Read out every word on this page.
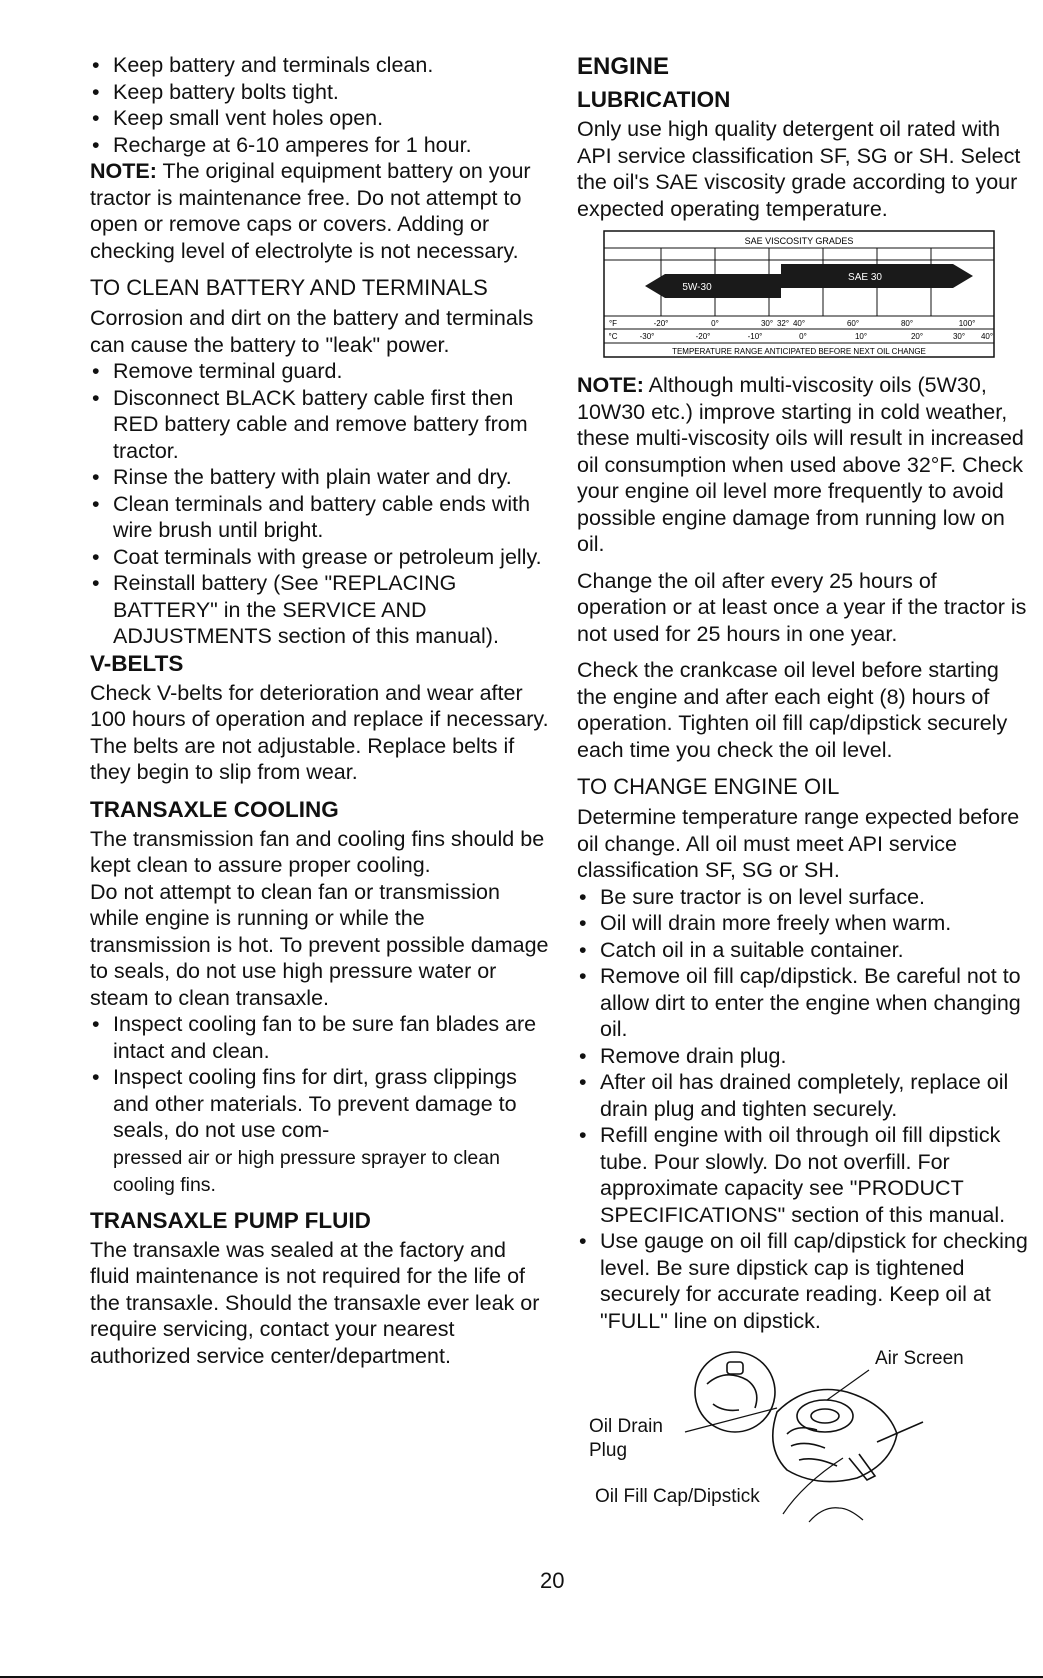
• Keep battery and terminals clean.
• Keep battery bolts tight.
• Keep small vent holes open.
• Recharge at 6-10 amperes for 1 hour.

NOTE: The original equipment battery on your tractor is maintenance free. Do not attempt to open or remove caps or covers. Adding or checking level of electrolyte is not necessary.

TO CLEAN BATTERY AND TERMINALS

Corrosion and dirt on the battery and terminals can cause the battery to "leak" power.

• Remove terminal guard.
• Disconnect BLACK battery cable first then RED battery cable and remove battery from tractor.
• Rinse the battery with plain water and dry.
• Clean terminals and battery cable ends with wire brush until bright.
• Coat terminals with grease or petroleum jelly.
• Reinstall battery (See "REPLACING BATTERY" in the SERVICE AND ADJUSTMENTS section of this manual).
V-BELTS

Check V-belts for deterioration and wear after 100 hours of operation and replace if necessary. The belts are not adjustable. Replace belts if they begin to slip from wear.

TRANSAXLE COOLING

The transmission fan and cooling fins should be kept clean to assure proper cooling.

Do not attempt to clean fan or transmission while engine is running or while the transmission is hot. To prevent possible damage to seals, do not use high pressure water or steam to clean transaxle.

• Inspect cooling fan to be sure fan blades are intact and clean.
• Inspect cooling fins for dirt, grass clippings and other materials. To prevent damage to seals, do not use com-
pressed air or high pressure sprayer to clean cooling fins.
TRANSAXLE PUMP FLUID

The transaxle was sealed at the factory and fluid maintenance is not required for the life of the transaxle. Should the transaxle ever leak or require servicing, contact your nearest authorized service center/department.

ENGINE
LUBRICATION

Only use high quality detergent oil rated with API service classification SF, SG or SH. Select the oil's SAE viscosity grade according to your expected operating temperature.

SAE VISCOSITY GRADES
SAE 30
5W-30
°F	-20°	0°	30° 32° 40°	60°	80°	100°
°C	-30°	-20°	-10°	0°	10°	20°	30° 40°
TEMPERATURE RANGE ANTICIPATED BEFORE NEXT OIL CHANGE

NOTE: Although multi-viscosity oils (5W30, 10W30 etc.) improve starting in cold weather, these multi-viscosity oils will result in increased oil consumption when used above 32°F. Check your engine oil level more frequently to avoid possible engine damage from running low on oil.

Change the oil after every 25 hours of operation or at least once a year if the tractor is not used for 25 hours in one year.

Check the crankcase oil level before starting the engine and after each eight (8) hours of operation. Tighten oil fill cap/dipstick securely each time you check the oil level.

TO CHANGE ENGINE OIL

Determine temperature range expected before oil change. All oil must meet API service classification SF, SG or SH.

• Be sure tractor is on level surface.
• Oil will drain more freely when warm.
• Catch oil in a suitable container.
• Remove oil fill cap/dipstick. Be careful not to allow dirt to enter the engine when changing oil.
• Remove drain plug.
• After oil has drained completely, replace oil drain plug and tighten securely.
• Refill engine with oil through oil fill dipstick tube. Pour slowly. Do not overfill. For approximate capacity see "PRODUCT SPECIFICATIONS" section of this manual.
• Use gauge on oil fill cap/dipstick for checking level. Be sure dipstick cap is tightened securely for accurate reading. Keep oil at "FULL" line on dipstick.
Air Screen
Oil Drain
Plug
Oil Fill Cap/Dipstick
20
